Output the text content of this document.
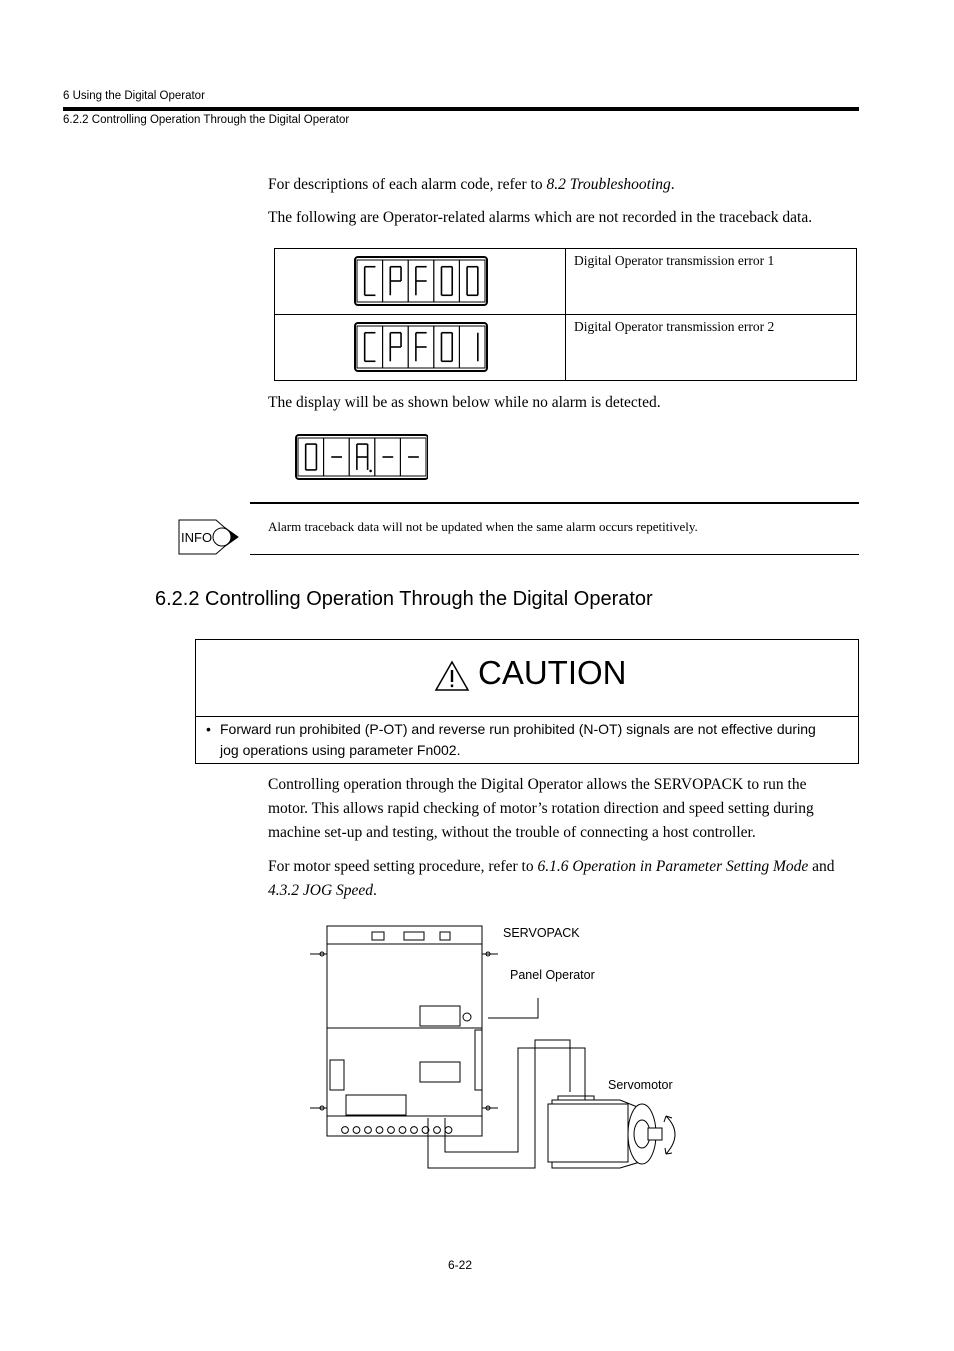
6 Using the Digital Operator
6.2.2 Controlling Operation Through the Digital Operator
For descriptions of each alarm code, refer to 8.2 Troubleshooting.
The following are Operator-related alarms which are not recorded in the traceback data.
	Digital Operator transmission error 1

	Digital Operator transmission error 2
The display will be as shown below while no alarm is detected.
INFO
Alarm traceback data will not be updated when the same alarm occurs repetitively.
6.2.2 Controlling Operation Through the Digital Operator
CAUTION
• Forward run prohibited (P-OT) and reverse run prohibited (N-OT) signals are not effective during
jog operations using parameter Fn002.
Controlling operation through the Digital Operator allows the SERVOPACK to run the
motor. This allows rapid checking of motor’s rotation direction and speed setting during
machine set-up and testing, without the trouble of connecting a host controller.
For motor speed setting procedure, refer to 6.1.6 Operation in Parameter Setting Mode and
4.3.2 JOG Speed.
SERVOPACK
Panel Operator
Servomotor
6-22
